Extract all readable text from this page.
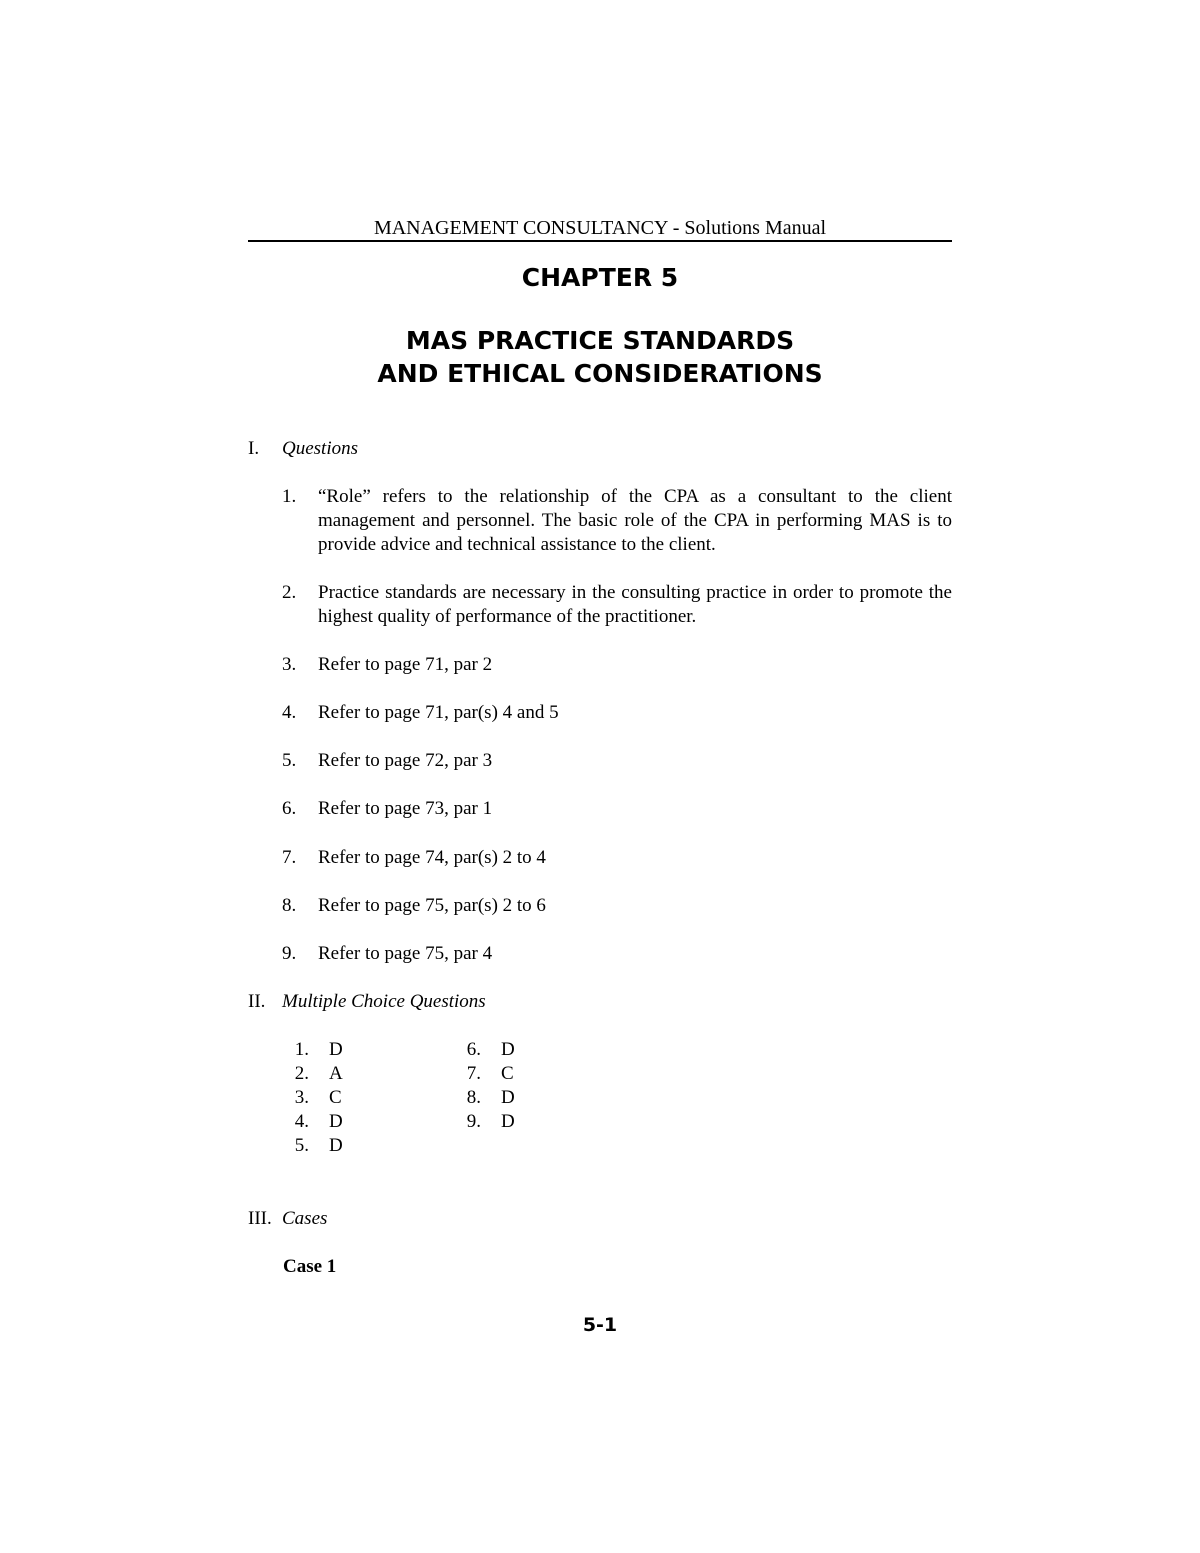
MANAGEMENT CONSULTANCY - Solutions Manual
CHAPTER 5
MAS PRACTICE STANDARDS
AND ETHICAL CONSIDERATIONS
I. Questions
1.	“Role” refers to the relationship of the CPA as a consultant to the client management and personnel. The basic role of the CPA in performing MAS is to provide advice and technical assistance to the client.
2.	Practice standards are necessary in the consulting practice in order to promote the highest quality of performance of the practitioner.
3.	Refer to page 71, par 2
4.	Refer to page 71, par(s) 4 and 5
5.	Refer to page 72, par 3
6.	Refer to page 73, par 1
7.	Refer to page 74, par(s) 2 to 4
8.	Refer to page 75, par(s) 2 to 6
9.	Refer to page 75, par 4
II. Multiple Choice Questions
1. D
2. A
3. C
4. D
5. D
6. D
7. C
8. D
9. D
III. Cases
Case 1
5-1
